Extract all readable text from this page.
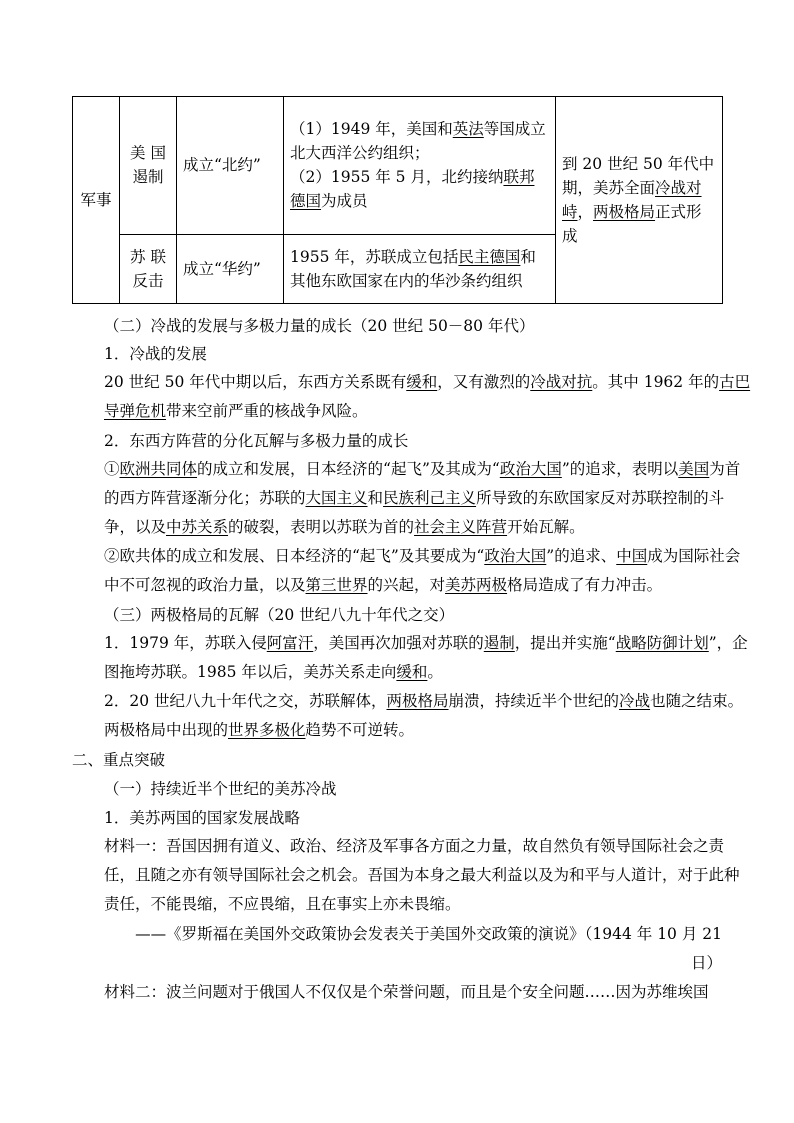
军事	美 国 遏制	成立“北约”	（1）1949 年，美国和英法等国成立北大西洋公约组织；
（2）1955 年 5 月，北约接纳联邦德国为成员	到 20 世纪 50 年代中期，美苏全面冷战对峙，两极格局正式形成
	苏 联 反击	成立“华约”	1955 年，苏联成立包括民主德国和其他东欧国家在内的华沙条约组织	
（二）冷战的发展与多极力量的成长（20 世纪 50－80 年代）
1．冷战的发展
20 世纪 50 年代中期以后，东西方关系既有缓和，又有激烈的冷战对抗。其中 1962 年的古巴导弹危机带来空前严重的核战争风险。
2．东西方阵营的分化瓦解与多极力量的成长
①欧洲共同体的成立和发展，日本经济的“起飞”及其成为“政治大国”的追求，表明以美国为首的西方阵营逐渐分化；苏联的大国主义和民族利己主义所导致的东欧国家反对苏联控制的斗争，以及中苏关系的破裂，表明以苏联为首的社会主义阵营开始瓦解。
②欧共体的成立和发展、日本经济的“起飞”及其要成为“政治大国”的追求、中国成为国际社会中不可忽视的政治力量，以及第三世界的兴起，对美苏两极格局造成了有力冲击。
（三）两极格局的瓦解（20 世纪八九十年代之交）
1．1979 年，苏联入侵阿富汗，美国再次加强对苏联的遏制，提出并实施“战略防御计划”，企图拖垮苏联。1985 年以后，美苏关系走向缓和。
2．20 世纪八九十年代之交，苏联解体，两极格局崩溃，持续近半个世纪的冷战也随之结束。两极格局中出现的世界多极化趋势不可逆转。
二、重点突破
（一）持续近半个世纪的美苏冷战
1．美苏两国的国家发展战略
材料一：吾国因拥有道义、政治、经济及军事各方面之力量，故自然负有领导国际社会之责任，且随之亦有领导国际社会之机会。吾国为本身之最大利益以及为和平与人道计，对于此种责任，不能畏缩，不应畏缩，且在事实上亦未畏缩。
——《罗斯福在美国外交政策协会发表关于美国外交政策的演说》（1944 年 10 月 21
日）
材料二：波兰问题对于俄国人不仅仅是个荣誉问题，而且是个安全问题……因为苏维埃国
